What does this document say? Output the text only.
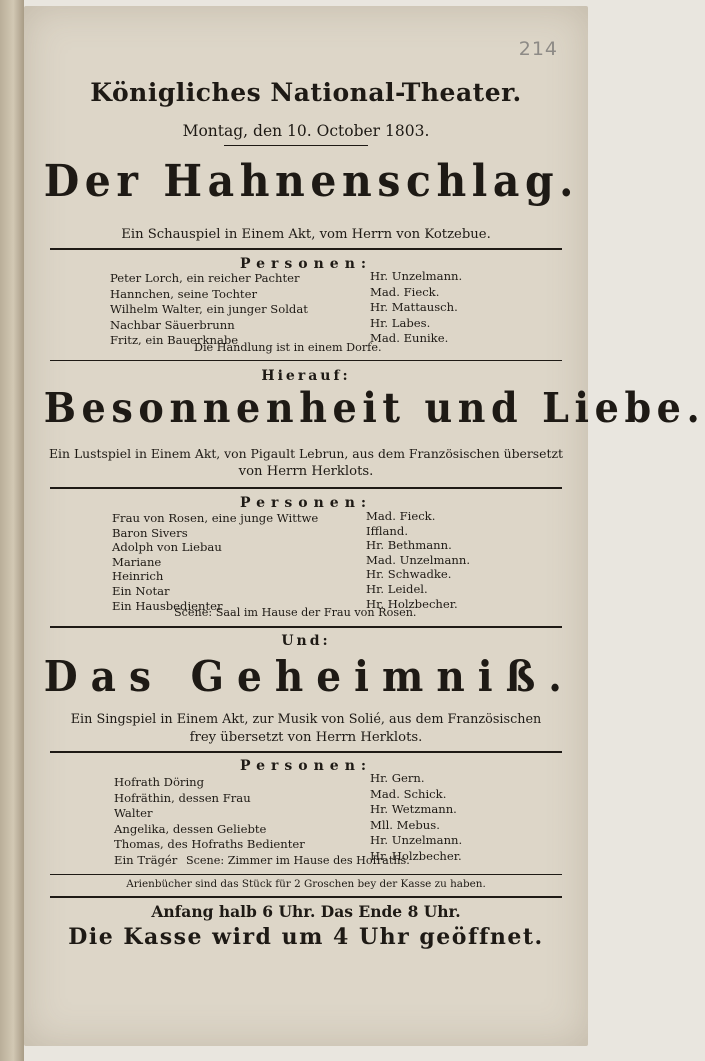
214
Königliches National-Theater.
Montag, den 10. October 1803.
Der Hahnenschlag.
Ein Schauspiel in Einem Akt, vom Herrn von Kotzebue.
Personen:
Peter Lorch, ein reicher Pachter
Hannchen, seine Tochter
Wilhelm Walter, ein junger Soldat
Nachbar Säuerbrunn
Fritz, ein Bauerknabe
Hr. Unzelmann.
Mad. Fieck.
Hr. Mattausch.
Hr. Labes.
Mad. Eunike.
Die Handlung ist in einem Dorfe.
Hierauf:
Besonnenheit und Liebe.
Ein Lustspiel in Einem Akt, von Pigault Lebrun, aus dem Französischen übersetzt
von Herrn Herklots.
Personen:
Frau von Rosen, eine junge Wittwe
Baron Sivers
Adolph von Liebau
Mariane
Heinrich
Ein Notar
Ein Hausbedienter
Mad. Fieck.
Iffland.
Hr. Bethmann.
Mad. Unzelmann.
Hr. Schwadke.
Hr. Leidel.
Hr. Holzbecher.
Scene: Saal im Hause der Frau von Rosen.
Und:
Das Geheimniß.
Ein Singspiel in Einem Akt, zur Musik von Solié, aus dem Französischen
frey übersetzt von Herrn Herklots.
Personen:
Hofrath Döring
Hofräthin, dessen Frau
Walter
Angelika, dessen Geliebte
Thomas, des Hofraths Bedienter
Ein Trägér
Hr. Gern.
Mad. Schick.
Hr. Wetzmann.
Mll. Mebus.
Hr. Unzelmann.
Hr. Holzbecher.
Scene: Zimmer im Hause des Hofraths.
Arienbücher sind das Stück für 2 Groschen bey der Kasse zu haben.
Anfang halb 6 Uhr. Das Ende 8 Uhr.
Die Kasse wird um 4 Uhr geöffnet.
